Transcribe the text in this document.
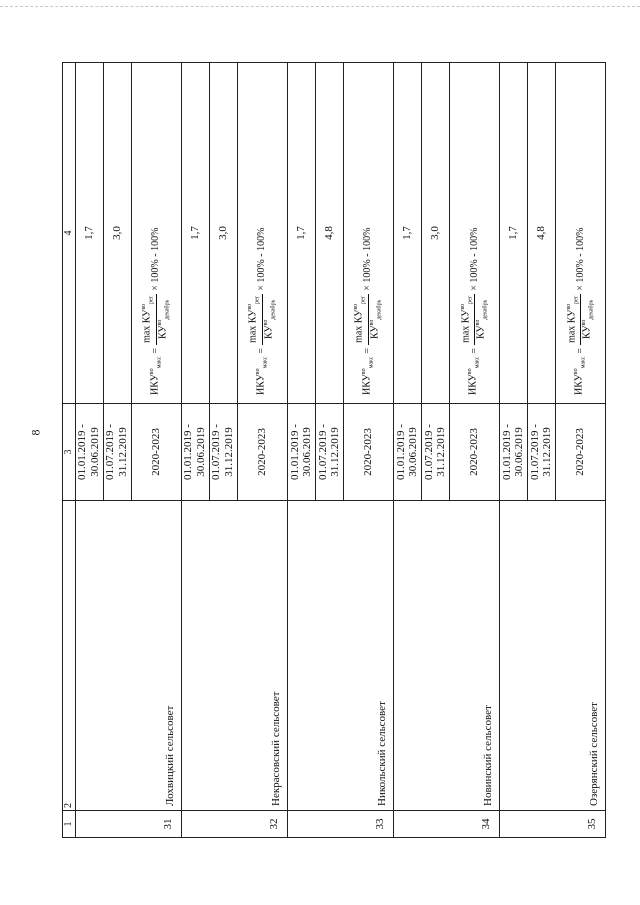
8
1	2	3	4
31	Лохвицкий сельсовет	01.01.2019 - 30.06.2019	1,7
		01.07.2019 - 31.12.2019	3,0
		2020-2023	$ИКУ^{во}_{макс}$
=
$\max КУ^{во}_{рег}$
$КУ^{во}_{декабрь}$
× 100% - 100%

32	Некрасовский сельсовет	01.01.2019 - 30.06.2019	1,7
		01.07.2019 - 31.12.2019	3,0
		2020-2023	$ИКУ^{во}_{макс}$
=
$\max КУ^{во}_{рег}$
$КУ^{во}_{декабрь}$
× 100% - 100%

33	Никольский сельсовет	01.01.2019 - 30.06.2019	1,7
		01.07.2019 - 31.12.2019	4,8
		2020-2023	$ИКУ^{во}_{макс}$
=
$\max КУ^{во}_{рег}$
$КУ^{во}_{декабрь}$
× 100% - 100%

34	Новинский сельсовет	01.01.2019 - 30.06.2019	1,7
		01.07.2019 - 31.12.2019	3,0
		2020-2023	$ИКУ^{во}_{макс}$
=
$\max КУ^{во}_{рег}$
$КУ^{во}_{декабрь}$
× 100% - 100%

35	Озерянский сельсовет	01.01.2019 - 30.06.2019	1,7
		01.07.2019 - 31.12.2019	4,8
		2020-2023	$ИКУ^{во}_{макс}$
=
$\max КУ^{во}_{рег}$
$КУ^{во}_{декабрь}$
× 100% - 100%
